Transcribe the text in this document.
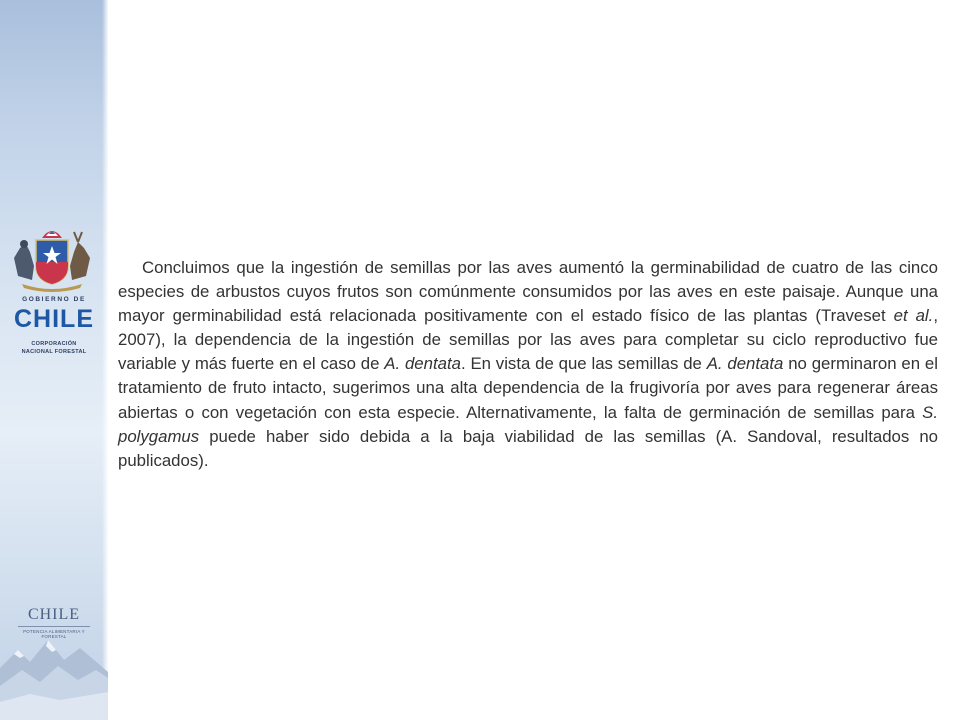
GOBIERNO DE
CHILE
CORPORACIÓN
NACIONAL FORESTAL
CHILE
POTENCIA ALIMENTARIA Y FORESTAL

Concluimos que la ingestión de semillas por las aves aumentó la germinabilidad de cuatro de las cinco especies de arbustos cuyos frutos son comúnmente consumidos por las aves en este paisaje. Aunque una mayor germinabilidad está relacionada positivamente con el estado físico de las plantas (Traveset et al., 2007), la dependencia de la ingestión de semillas por las aves para completar su ciclo reproductivo fue variable y más fuerte en el caso de A. dentata. En vista de que las semillas de A. dentata no germinaron en el tratamiento de fruto intacto, sugerimos una alta dependencia de la frugivoría por aves para regenerar áreas abiertas o con vegetación con esta especie. Alternativamente, la falta de germinación de semillas para S. polygamus puede haber sido debida a la baja viabilidad de las semillas (A. Sandoval, resultados no publicados).
